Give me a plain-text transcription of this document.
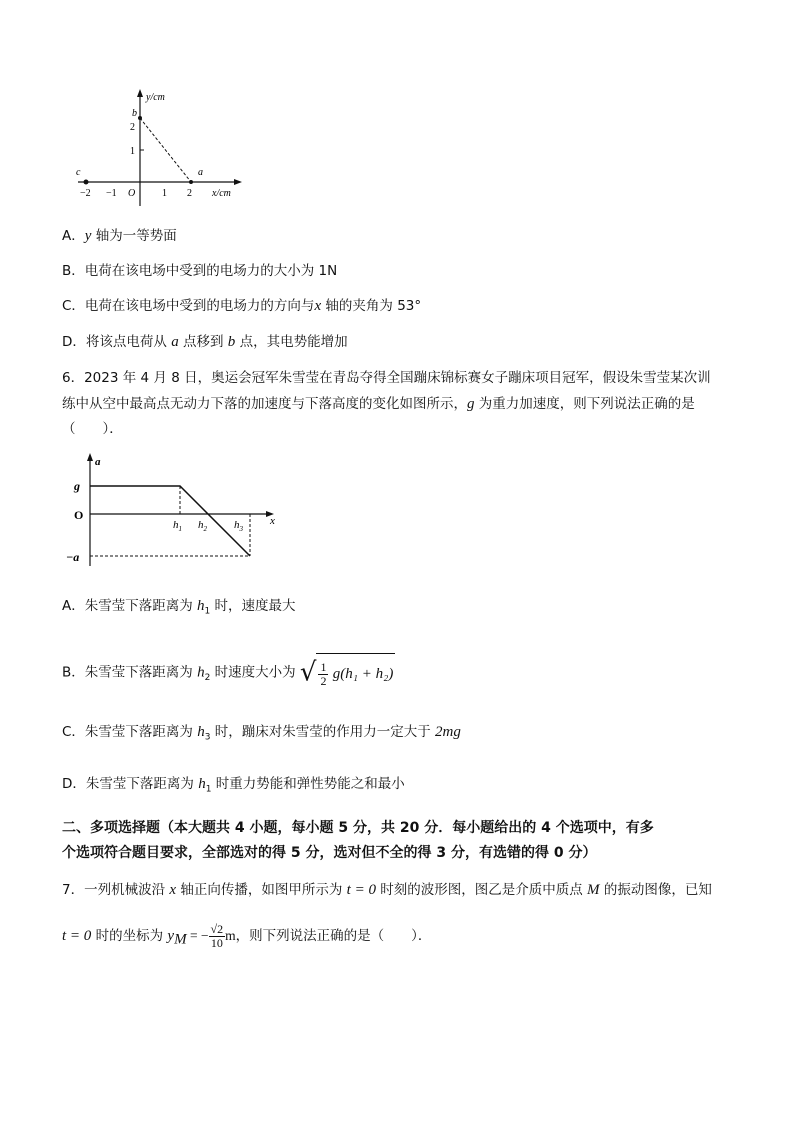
y/cm
x/cm
b
2
1
c	a
−2 −1 O	1 2
A．y 轴为一等势面
B．电荷在该电场中受到的电场力的大小为 1N
C．电荷在该电场中受到的电场力的方向与x 轴的夹角为 53°
D．将该点电荷从 a 点移到 b 点，其电势能增加
6．2023 年 4 月 8 日，奥运会冠军朱雪莹在青岛夺得全国蹦床锦标赛女子蹦床项目冠军，假设朱雪莹某次训
练中从空中最高点无动力下落的加速度与下落高度的变化如图所示，g 为重力加速度，则下列说法正确的是
（　　）．
a
g
O
−a
x
$h_1$ $h_2$ $h_3$
A．朱雪莹下落距离为 $h_1$ 时，速度最大
B．朱雪莹下落距离为 $h_2$ 时速度大小为 √ $\frac{1}{2} g(h_1 + h_2)$
C．朱雪莹下落距离为 $h_3$ 时，蹦床对朱雪莹的作用力一定大于 2mg
D．朱雪莹下落距离为 $h_1$ 时重力势能和弹性势能之和最小
二、多项选择题（本大题共 4 小题，每小题 5 分，共 20 分．每小题给出的 4 个选项中，有多
个选项符合题目要求，全部选对的得 5 分，选对但不全的得 3 分，有选错的得 0 分）
7．一列机械波沿 x 轴正向传播，如图甲所示为 t = 0 时刻的波形图，图乙是介质中质点 M 的振动图像，已知
t = 0 时的坐标为 $y_M$ = − $\frac{√2}{10}$ m，则下列说法正确的是（　　）．
